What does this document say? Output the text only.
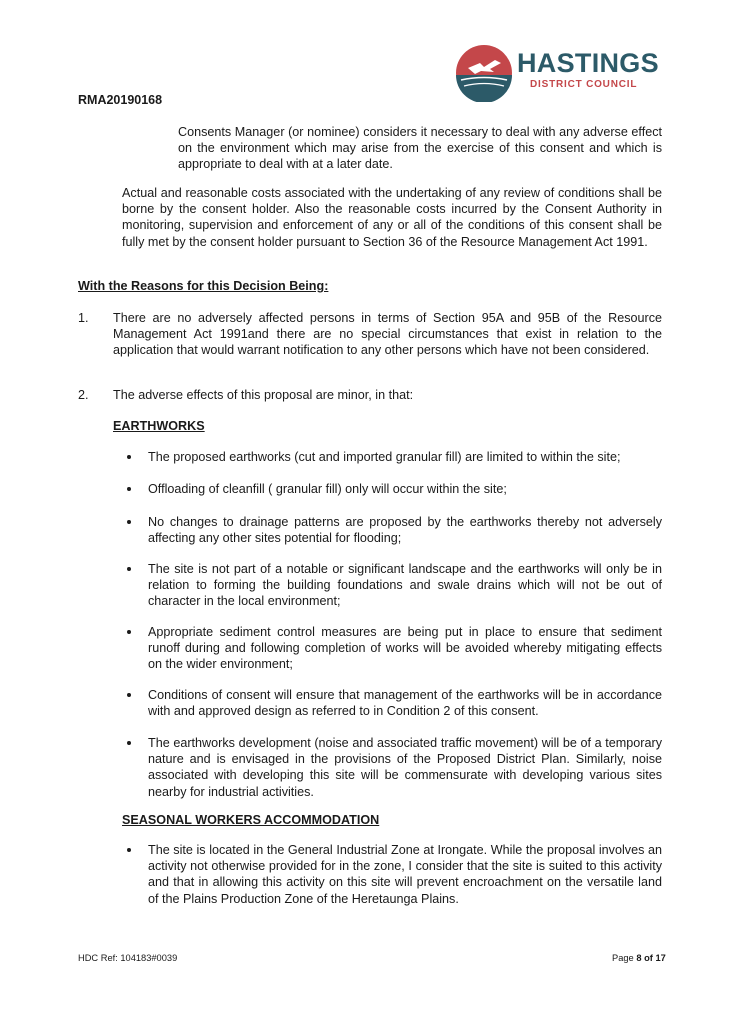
RMA20190168
HASTINGS
DISTRICT COUNCIL
Consents Manager (or nominee) considers it necessary to deal with any adverse effect on the environment which may arise from the exercise of this consent and which is appropriate to deal with at a later date.
Actual and reasonable costs associated with the undertaking of any review of conditions shall be borne by the consent holder. Also the reasonable costs incurred by the Consent Authority in monitoring, supervision and enforcement of any or all of the conditions of this consent shall be fully met by the consent holder pursuant to Section 36 of the Resource Management Act 1991.
With the Reasons for this Decision Being:
1. There are no adversely affected persons in terms of Section 95A and 95B of the Resource Management Act 1991and there are no special circumstances that exist in relation to the application that would warrant notification to any other persons which have not been considered.
2. The adverse effects of this proposal are minor, in that:
EARTHWORKS
The proposed earthworks (cut and imported granular fill) are limited to within the site;
Offloading of cleanfill ( granular fill) only will occur within the site;
No changes to drainage patterns are proposed by the earthworks thereby not adversely affecting any other sites potential for flooding;
The site is not part of a notable or significant landscape and the earthworks will only be in relation to forming the building foundations and swale drains which will not be out of character in the local environment;
Appropriate sediment control measures are being put in place to ensure that sediment runoff during and following completion of works will be avoided whereby mitigating effects on the wider environment;
Conditions of consent will ensure that management of the earthworks will be in accordance with and approved design as referred to in Condition 2 of this consent.
The earthworks development (noise and associated traffic movement) will be of a temporary nature and is envisaged in the provisions of the Proposed District Plan. Similarly, noise associated with developing this site will be commensurate with developing various sites nearby for industrial activities.
SEASONAL WORKERS ACCOMMODATION
The site is located in the General Industrial Zone at Irongate. While the proposal involves an activity not otherwise provided for in the zone, I consider that the site is suited to this activity and that in allowing this activity on this site will prevent encroachment on the versatile land of the Plains Production Zone of the Heretaunga Plains.
HDC Ref: 104183#0039	Page 8 of 17
